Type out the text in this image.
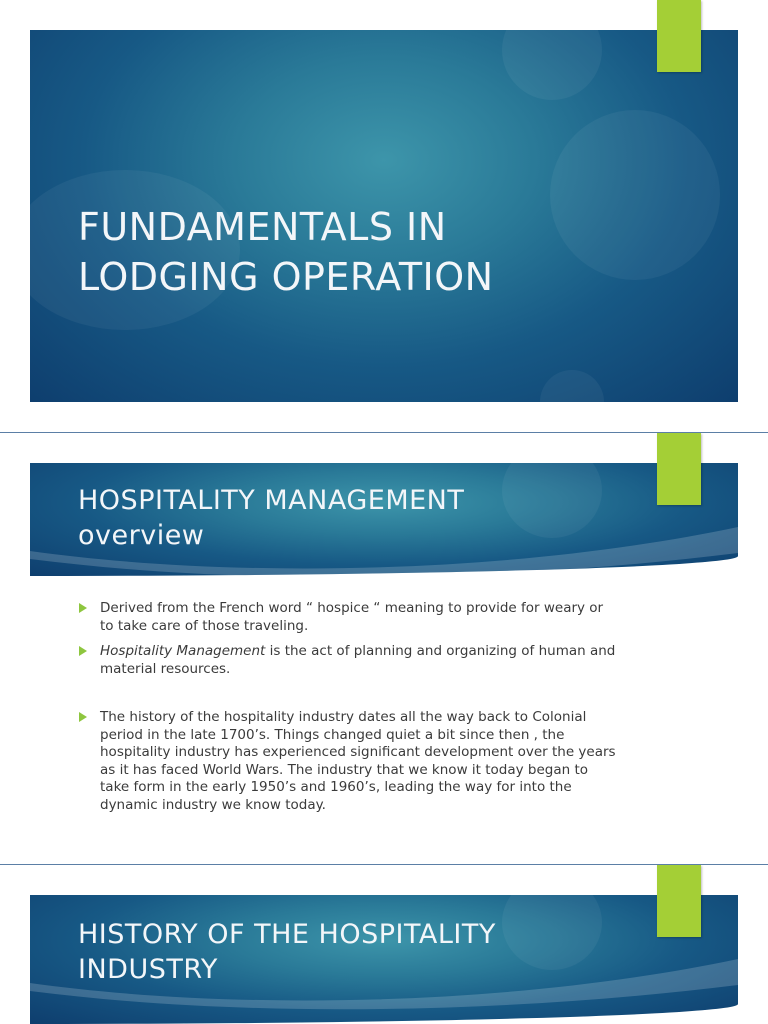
FUNDAMENTALS IN
LODGING OPERATION
HOSPITALITY MANAGEMENT
overview
Derived from the French word “ hospice “ meaning to provide for weary or to take care of those traveling.
Hospitality Management is the act of planning and organizing of human and material resources.
The history of the hospitality industry dates all the way back to Colonial period in the late 1700’s. Things changed quiet a bit since then , the hospitality industry has experienced significant development over the years as it has faced World Wars. The industry that we know it today began to take form in the early 1950’s and 1960’s, leading the way for into the dynamic industry we know today.
HISTORY OF THE HOSPITALITY
INDUSTRY
